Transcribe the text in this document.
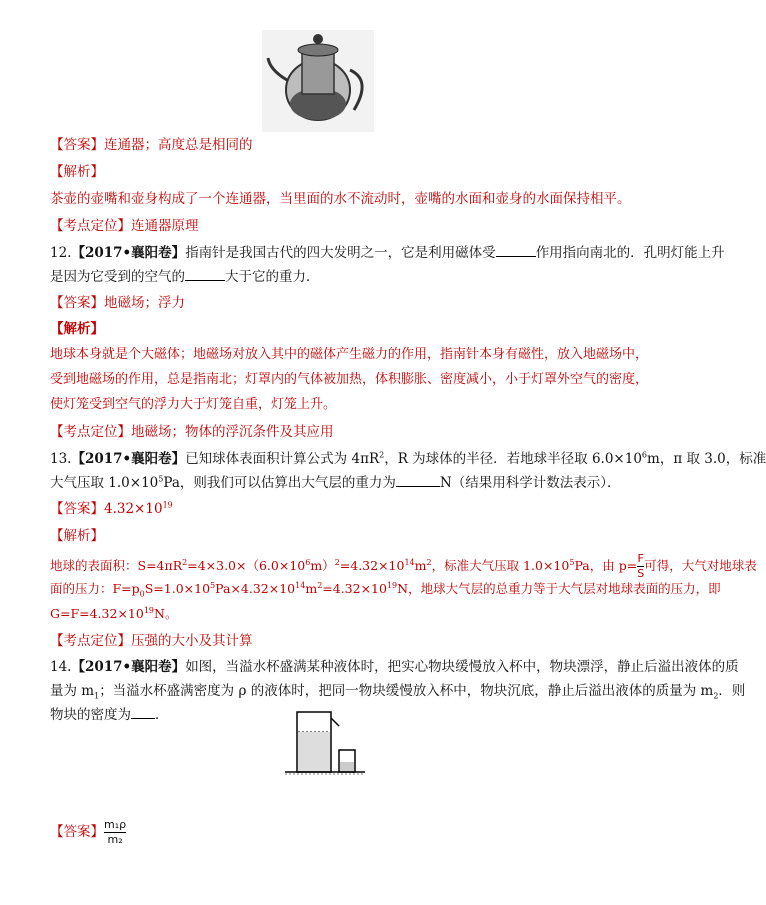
【答案】连通器；高度总是相同的
【解析】
茶壶的壶嘴和壶身构成了一个连通器，当里面的水不流动时，壶嘴的水面和壶身的水面保持相平。
【考点定位】连通器原理
12.【2017•襄阳卷】指南针是我国古代的四大发明之一，它是利用磁体受	作用指向南北的．孔明灯能上升
是因为它受到的空气的	大于它的重力．
【答案】地磁场；浮力
【解析】
地球本身就是个大磁体；地磁场对放入其中的磁体产生磁力的作用，指南针本身有磁性，放入地磁场中，
受到地磁场的作用，总是指南北；灯罩内的气体被加热，体积膨胀、密度减小，小于灯罩外空气的密度，
使灯笼受到空气的浮力大于灯笼自重，灯笼上升。
【考点定位】地磁场；物体的浮沉条件及其应用
13.【2017•襄阳卷】已知球体表面积计算公式为 $4\pi R^2$，R 为球体的半径．若地球半径取 $6.0\times 10^6m$，π 取 3.0，标准
大气压取 $1.0\times 10^5Pa$，则我们可以估算出大气层的重力为	N（结果用科学计数法表示）．
【答案】$4.32\times 10^{19}$
【解析】
地球的表面积：$S=4\pi R^2=4\times 3.0\times(6.0\times 10^6m)^2=4.32\times 10^{14}m^2$，标准大气压取 $1.0\times 10^5Pa$，由 $p= \frac{F}{S}$ 可得，大气对地球表
面的压力：$F=p_0S=1.0\times 10^5Pa\times 4.32\times 10^{14}m^2=4.32\times 10^{19}N$，地球大气层的总重力等于大气层对地球表面的压力，即
$G=F=4.32\times 10^{19}N$。
【考点定位】压强的大小及其计算
14.【2017•襄阳卷】如图，当溢水杯盛满某种液体时，把实心物块缓慢放入杯中，物块漂浮，静止后溢出液体的质
量为 $m_1$；当溢水杯盛满密度为 ρ 的液体时，把同一物块缓慢放入杯中，物块沉底，静止后溢出液体的质量为 $m_2$．则
物块的密度为 ．
【答案】 $\frac{\text{m₁ρ}}{\text{m₂}}$
